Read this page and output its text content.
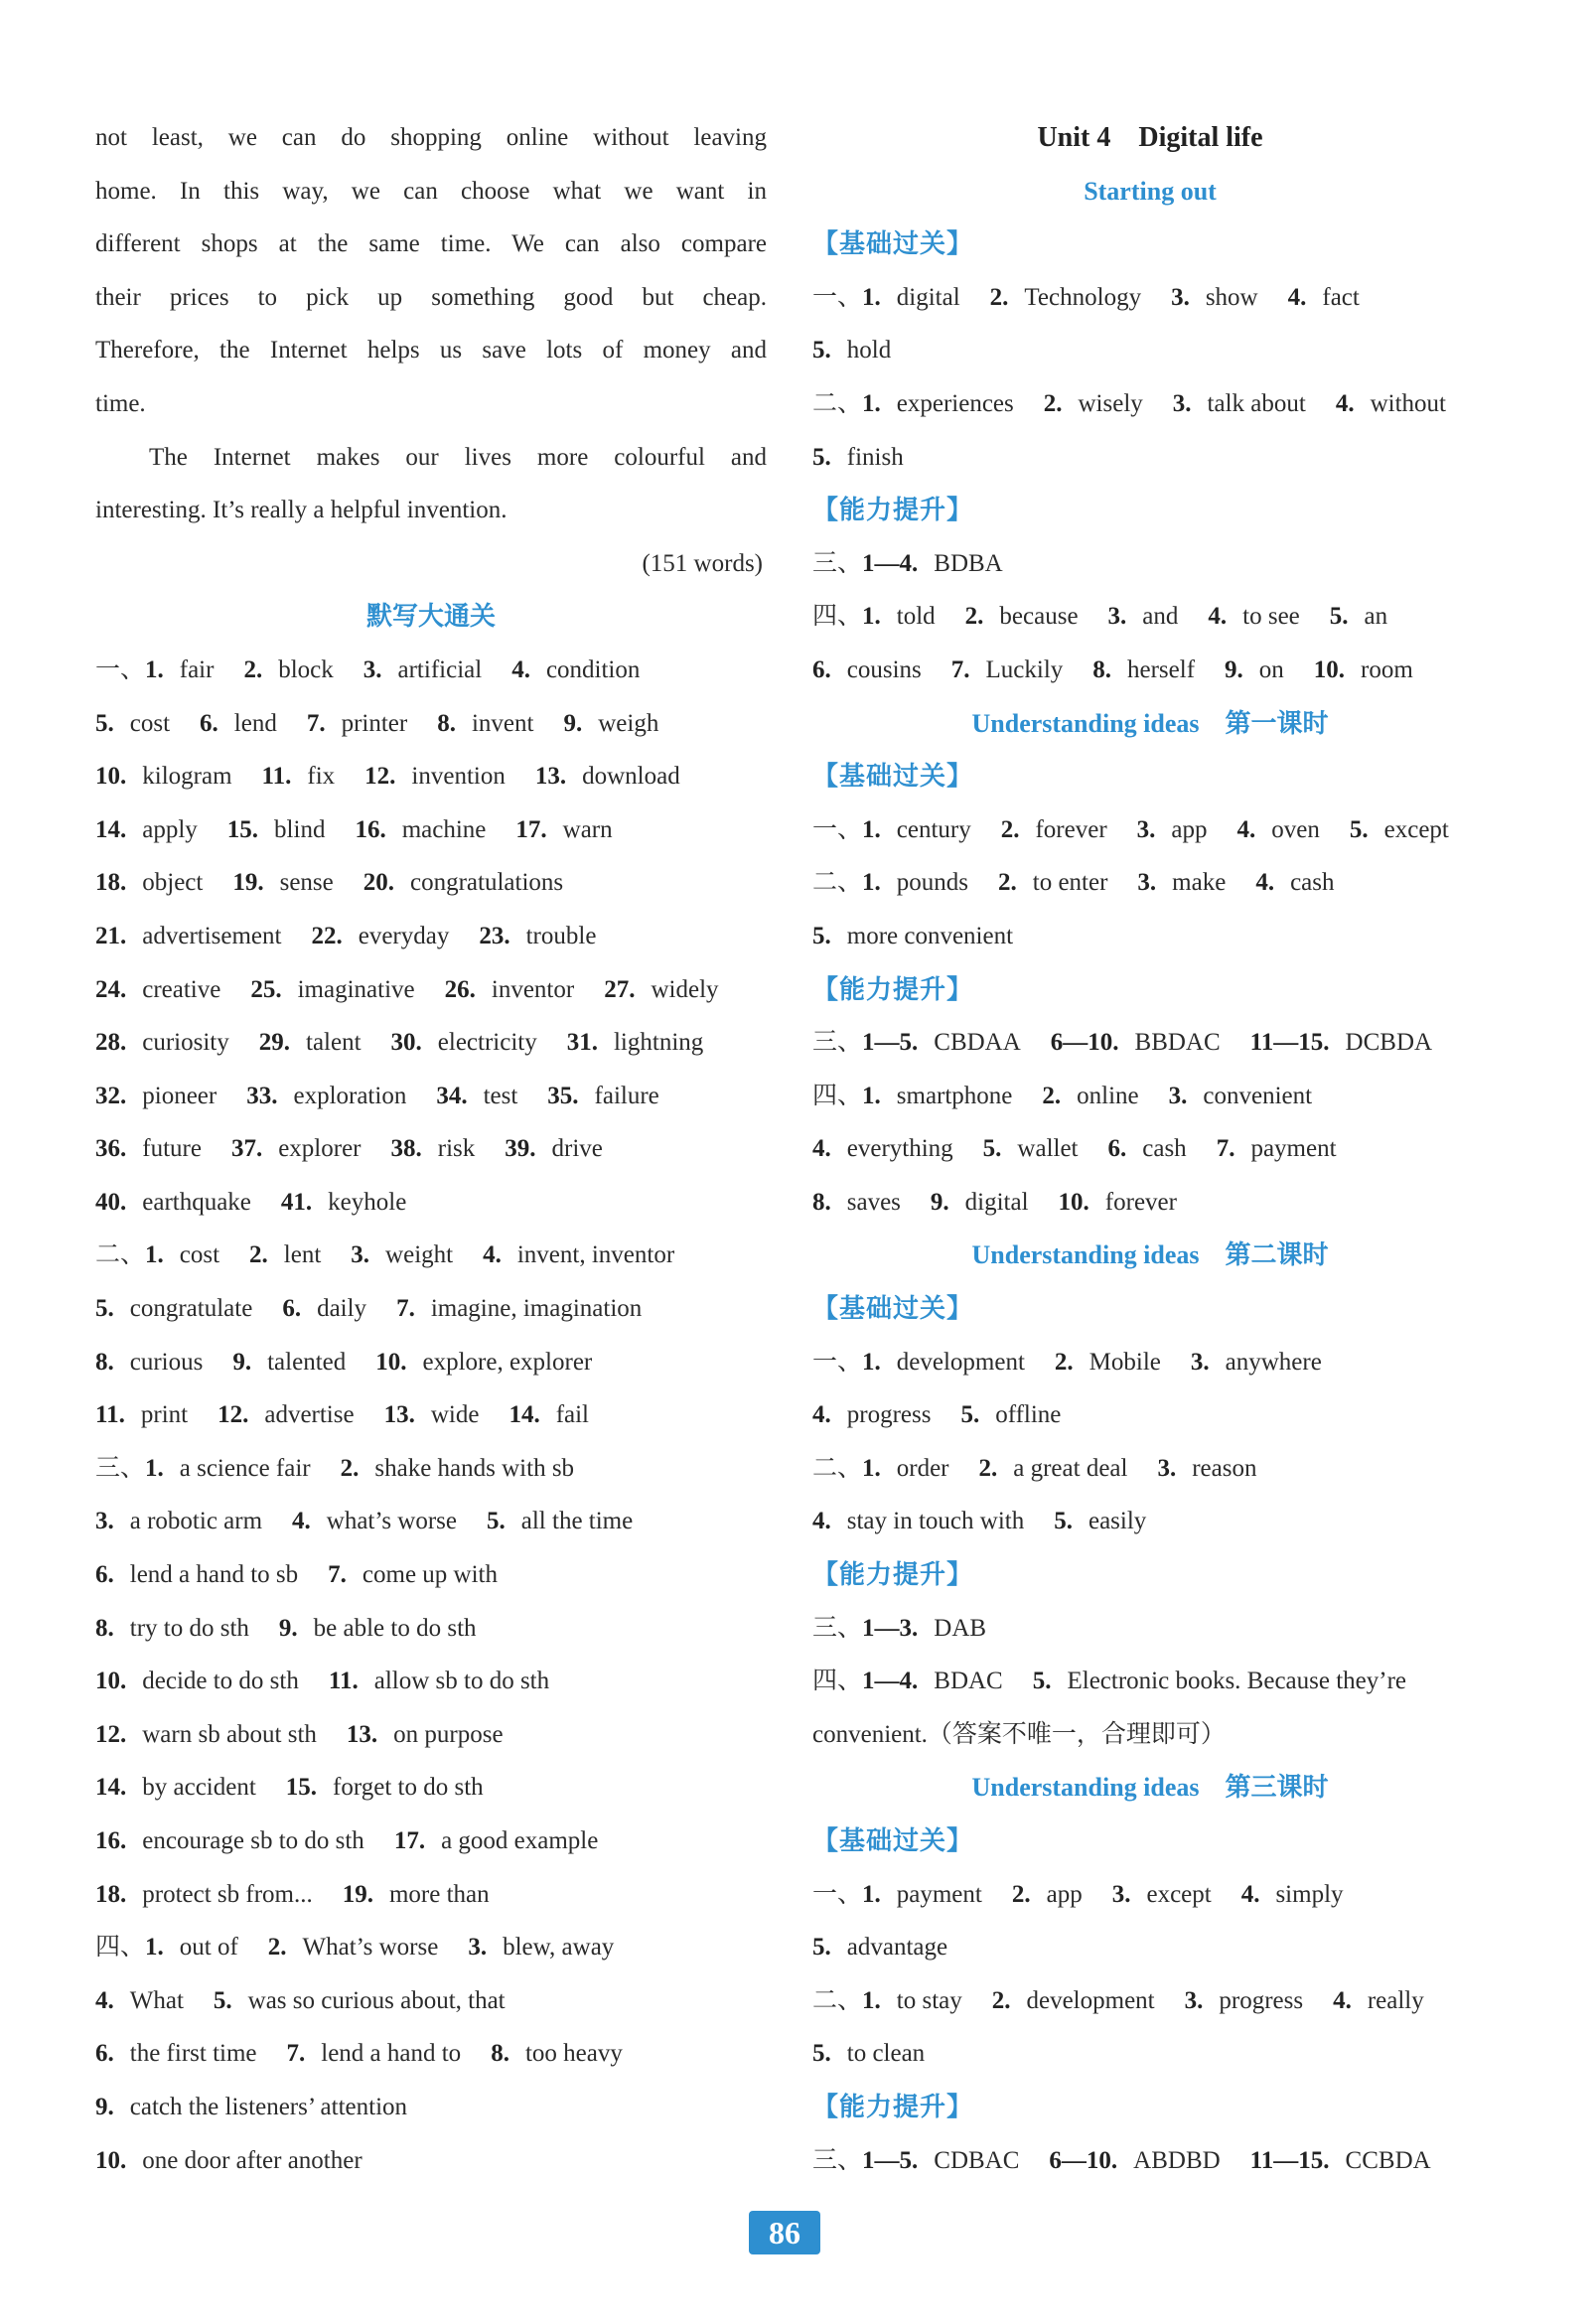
not least, we can do shopping online without leaving
home. In this way, we can choose what we want in
different shops at the same time. We can also compare
their prices to pick up something good but cheap.
Therefore, the Internet helps us save lots of money and
time.
The Internet makes our lives more colourful and
interesting. It’s really a helpful invention.
(151 words)
默写大通关
一、1. fair 2. block 3. artificial 4. condition
5. cost 6. lend 7. printer 8. invent 9. weigh
10. kilogram 11. fix 12. invention 13. download
14. apply 15. blind 16. machine 17. warn
18. object 19. sense 20. congratulations
21. advertisement 22. everyday 23. trouble
24. creative 25. imaginative 26. inventor 27. widely
28. curiosity 29. talent 30. electricity 31. lightning
32. pioneer 33. exploration 34. test 35. failure
36. future 37. explorer 38. risk 39. drive
40. earthquake 41. keyhole
二、1. cost 2. lent 3. weight 4. invent, inventor
5. congratulate 6. daily 7. imagine, imagination
8. curious 9. talented 10. explore, explorer
11. print 12. advertise 13. wide 14. fail
三、1. a science fair 2. shake hands with sb
3. a robotic arm 4. what’s worse 5. all the time
6. lend a hand to sb 7. come up with
8. try to do sth 9. be able to do sth
10. decide to do sth 11. allow sb to do sth
12. warn sb about sth 13. on purpose
14. by accident 15. forget to do sth
16. encourage sb to do sth 17. a good example
18. protect sb from... 19. more than
四、1. out of 2. What’s worse 3. blew, away
4. What 5. was so curious about, that
6. the first time 7. lend a hand to 8. too heavy
9. catch the listeners’ attention
10. one door after another
Unit 4　Digital life
Starting out
【基础过关】
一、1. digital 2. Technology 3. show 4. fact
5. hold
二、1. experiences 2. wisely 3. talk about 4. without
5. finish
【能力提升】
三、1—4. BDBA
四、1. told 2. because 3. and 4. to see 5. an
6. cousins 7. Luckily 8. herself 9. on 10. room
Understanding ideas　第一课时
【基础过关】
一、1. century 2. forever 3. app 4. oven 5. except
二、1. pounds 2. to enter 3. make 4. cash
5. more convenient
【能力提升】
三、1—5. CBDAA 6—10. BBDAC 11—15. DCBDA
四、1. smartphone 2. online 3. convenient
4. everything 5. wallet 6. cash 7. payment
8. saves 9. digital 10. forever
Understanding ideas　第二课时
【基础过关】
一、1. development 2. Mobile 3. anywhere
4. progress 5. offline
二、1. order 2. a great deal 3. reason
4. stay in touch with 5. easily
【能力提升】
三、1—3. DAB
四、1—4. BDAC 5. Electronic books. Because they’re
convenient.（答案不唯一，合理即可）
Understanding ideas　第三课时
【基础过关】
一、1. payment 2. app 3. except 4. simply
5. advantage
二、1. to stay 2. development 3. progress 4. really
5. to clean
【能力提升】
三、1—5. CDBAC 6—10. ABDBD 11—15. CCBDA
86
